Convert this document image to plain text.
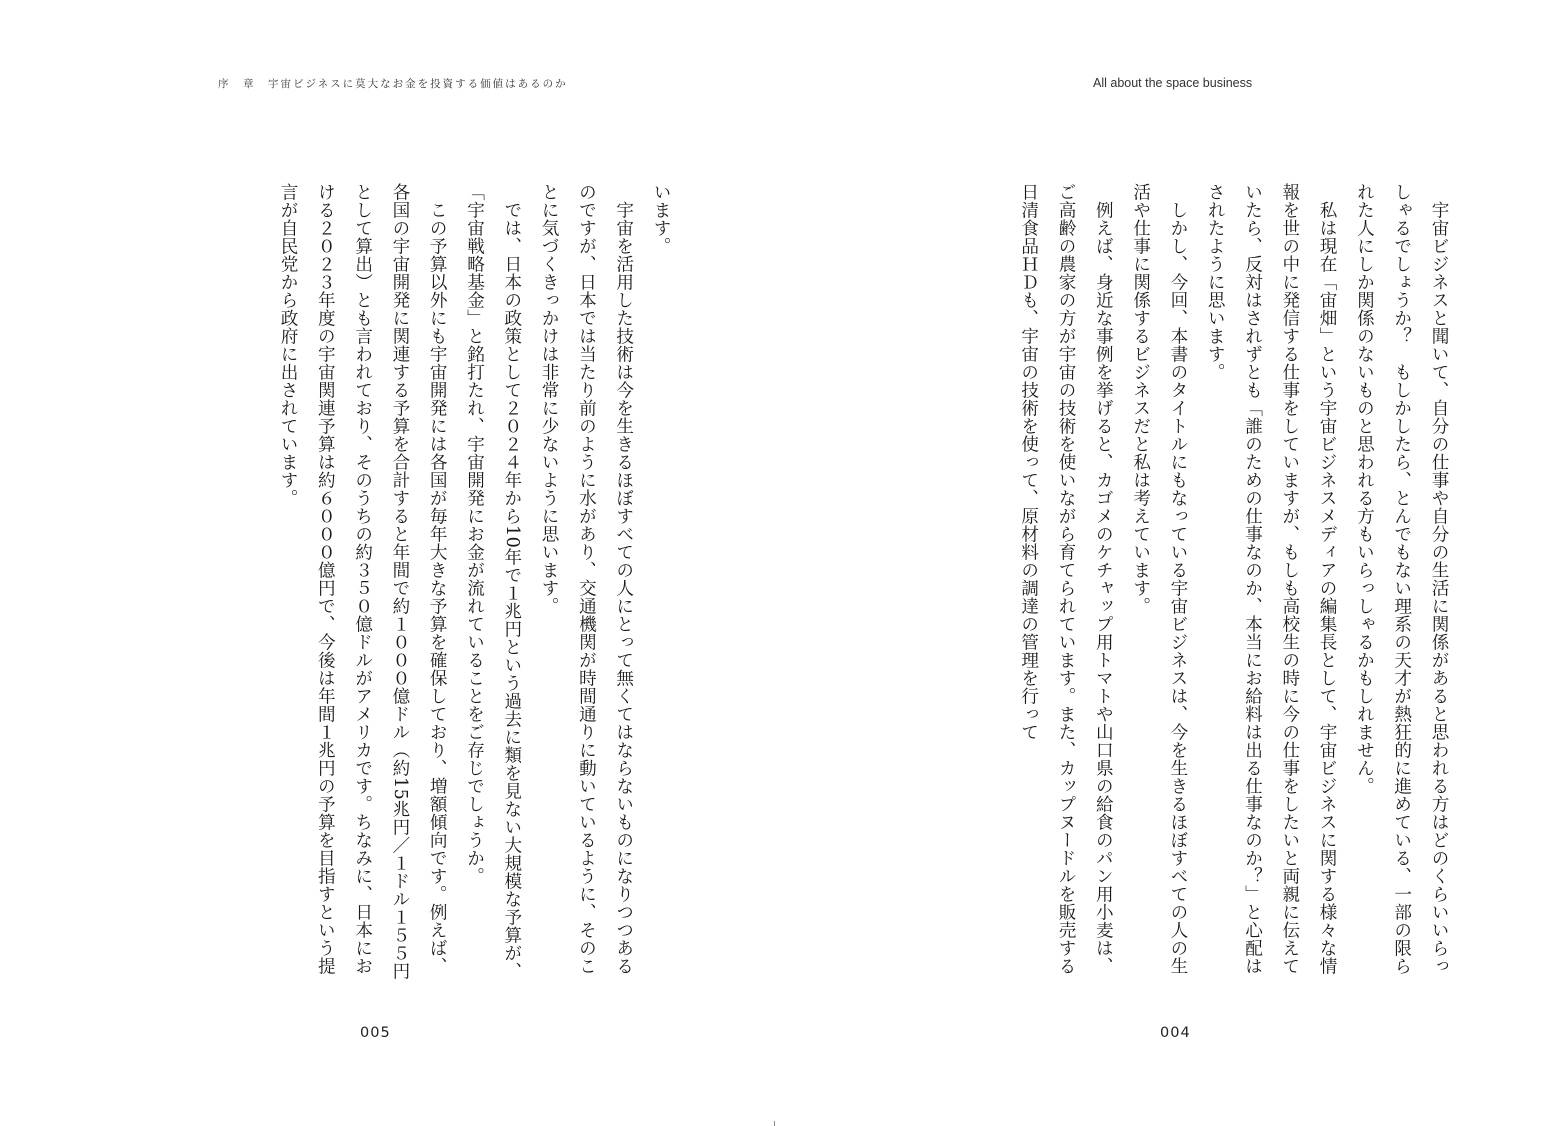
序　章　宇宙ビジネスに莫大なお金を投資する価値はあるのか	All about the space business

宇宙ビジネスと聞いて、自分の仕事や自分の生活に関係があると思われる方はどのくらいいらっしゃるでしょうか？　もしかしたら、とんでもない理系の天才が熱狂的に進めている、一部の限られた人にしか関係のないものと思われる方もいらっしゃるかもしれません。

私は現在「宙畑」という宇宙ビジネスメディアの編集長として、宇宙ビジネスに関する様々な情報を世の中に発信する仕事をしていますが、もしも高校生の時に今の仕事をしたいと両親に伝えていたら、反対はされずとも「誰のための仕事なのか、本当にお給料は出る仕事なのか？」と心配はされたように思います。

しかし、今回、本書のタイトルにもなっている宇宙ビジネスは、今を生きるほぼすべての人の生活や仕事に関係するビジネスだと私は考えています。

例えば、身近な事例を挙げると、カゴメのケチャップ用トマトや山口県の給食のパン用小麦は、ご高齢の農家の方が宇宙の技術を使いながら育てられています。また、カップヌードルを販売する日清食品ＨＤも、宇宙の技術を使って、原材料の調達の管理を行って

います。

宇宙を活用した技術は今を生きるほぼすべての人にとって無くてはならないものになりつつあるのですが、日本では当たり前のように水があり、交通機関が時間通りに動いているように、そのことに気づくきっかけは非常に少ないように思います。

では、日本の政策として２０２４年から10年で１兆円という過去に類を見ない大規模な予算が、「宇宙戦略基金」と銘打たれ、宇宙開発にお金が流れていることをご存じでしょうか。

この予算以外にも宇宙開発には各国が毎年大きな予算を確保しており、増額傾向です。例えば、各国の宇宙開発に関連する予算を合計すると年間で約１０００億ドル（約15兆円／１ドル１５５円として算出）とも言われており、そのうちの約３５０億ドルがアメリカです。ちなみに、日本における２０２３年度の宇宙関連予算は約６０００億円で、今後は年間１兆円の予算を目指すという提言が自民党から政府に出されています。

005	004
